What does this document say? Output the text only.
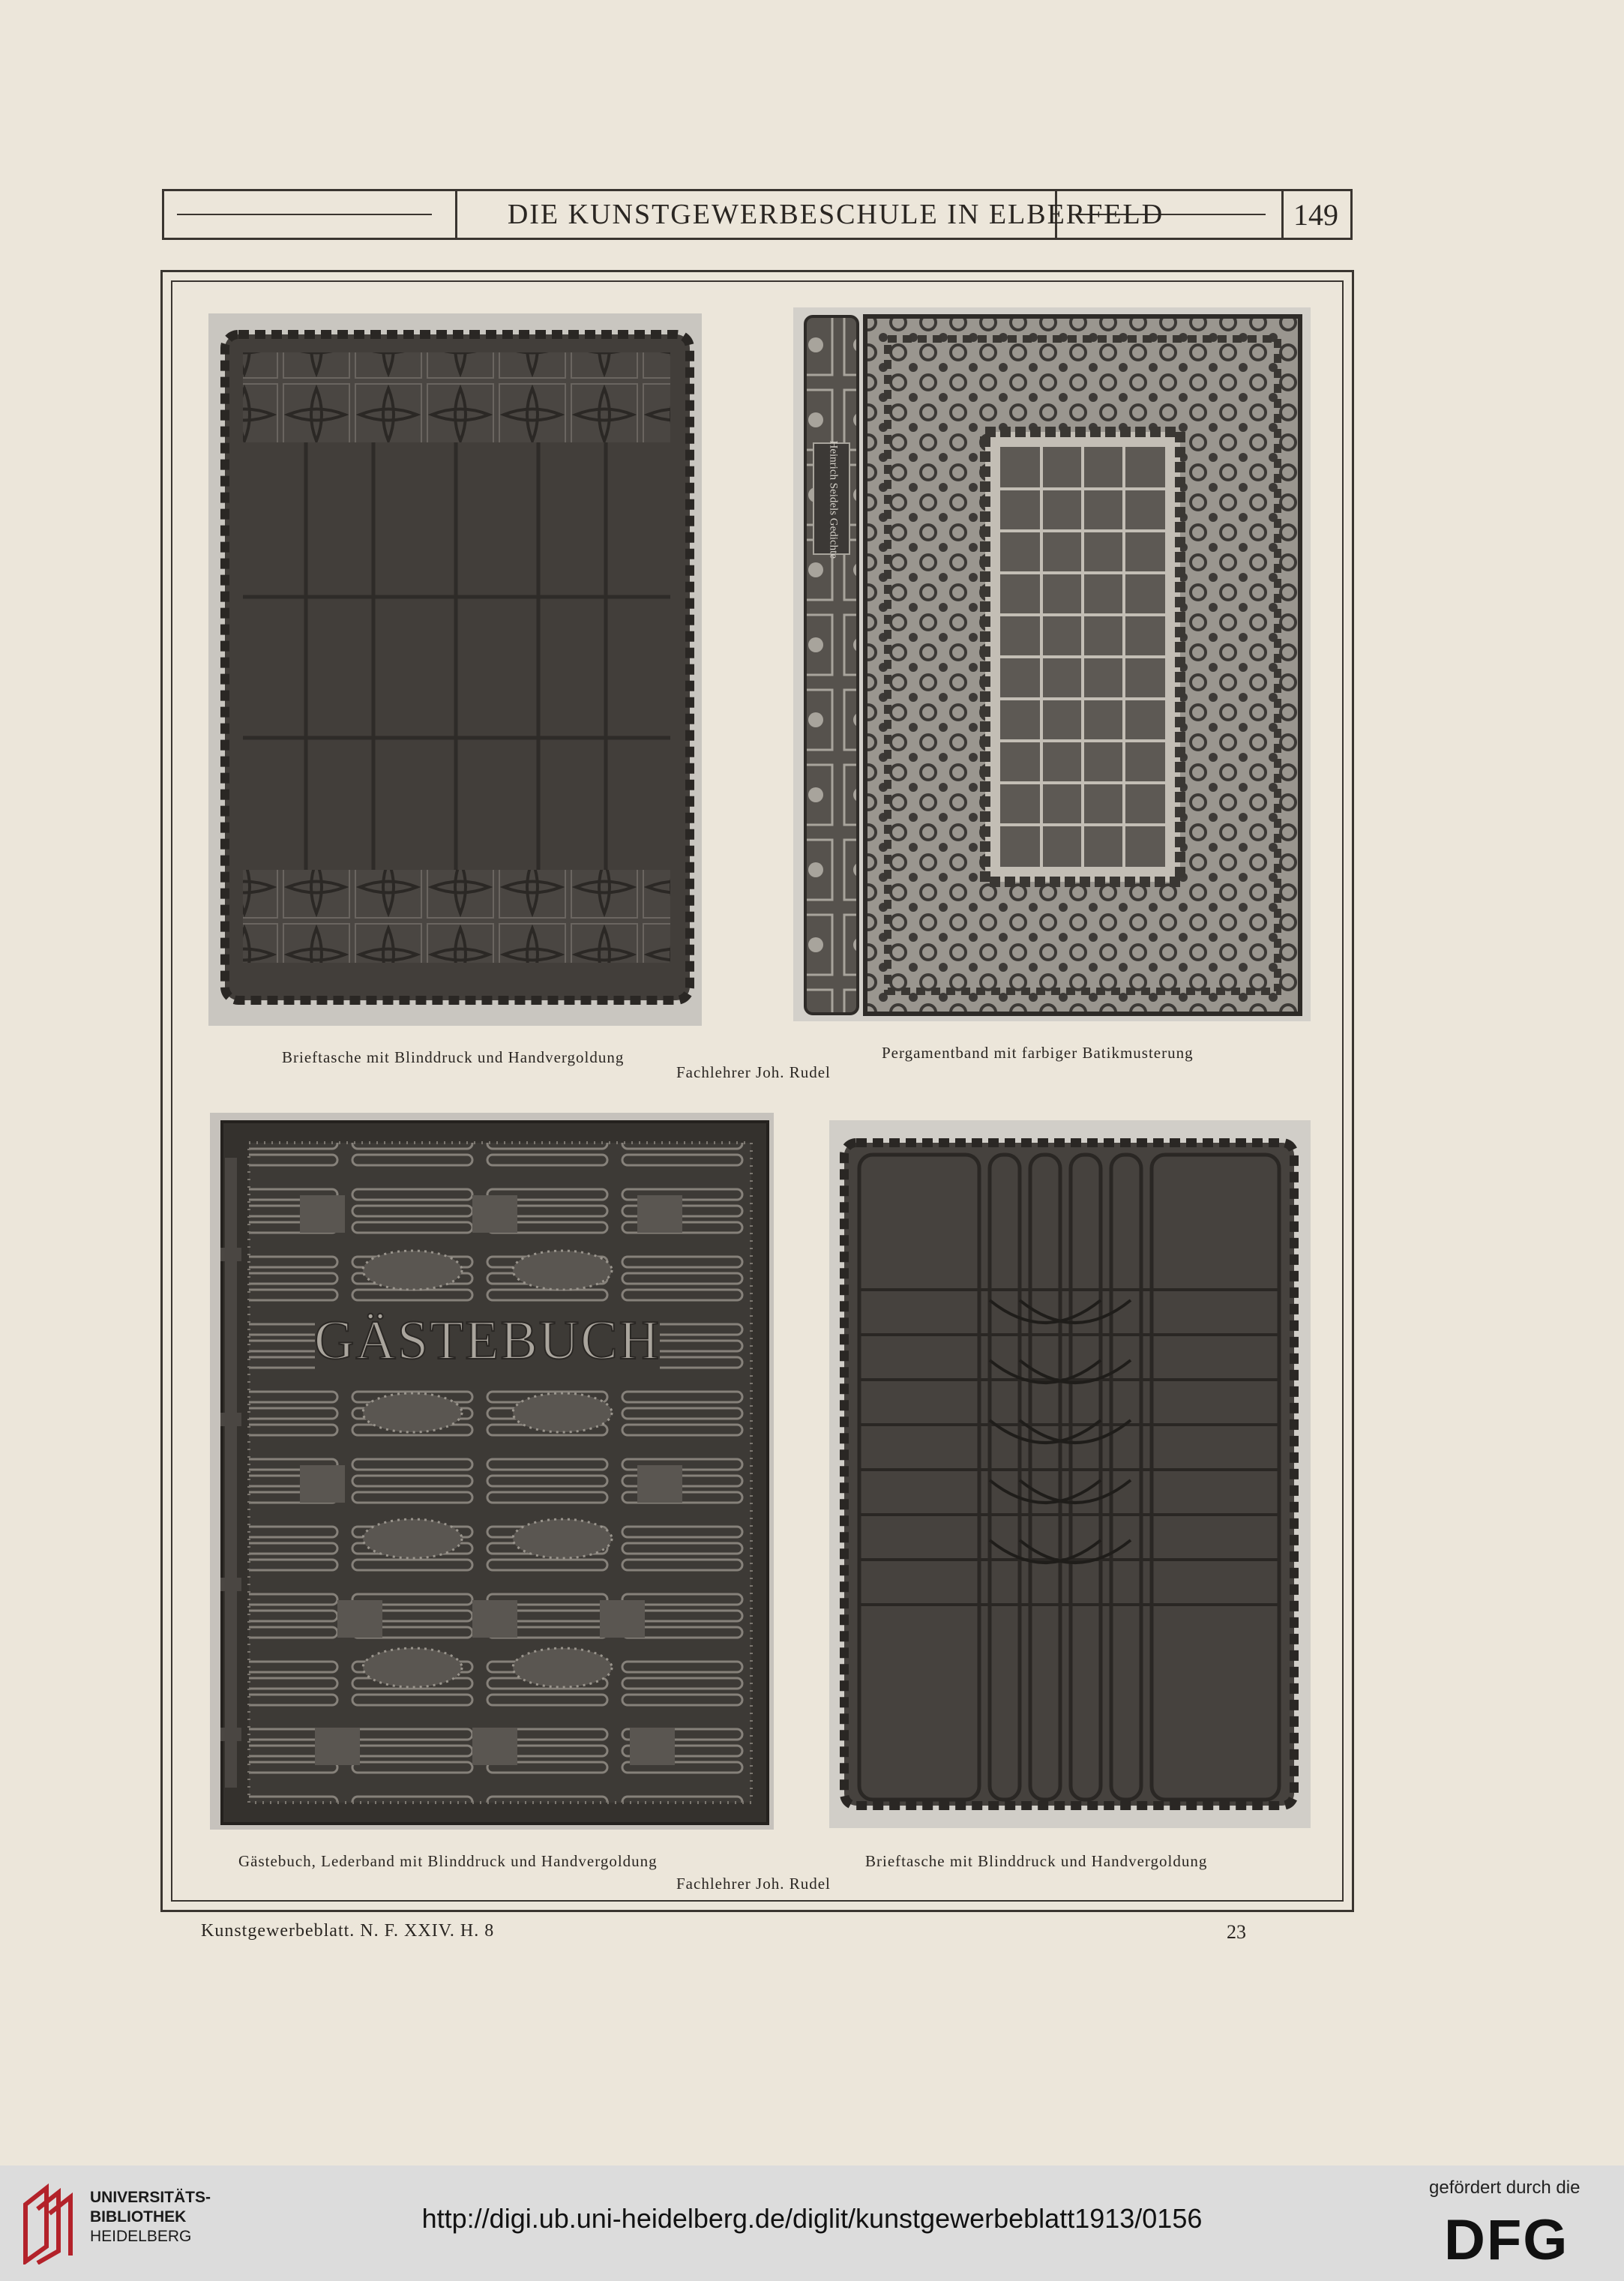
DIE KUNSTGEWERBESCHULE IN ELBERFELD	149
Heinrich Seidels Gedichte
Brieftasche mit Blinddruck und Handvergoldung	Pergamentband mit farbiger Batikmusterung
Fachlehrer Joh. Rudel
GÄSTEBUCH
Gästebuch, Lederband mit Blinddruck und Handvergoldung	Brieftasche mit Blinddruck und Handvergoldung
Fachlehrer Joh. Rudel
Kunstgewerbeblatt. N. F. XXIV. H. 8	23
UNIVERSITÄTS-
BIBLIOTHEK
HEIDELBERG
http://digi.ub.uni-heidelberg.de/diglit/kunstgewerbeblatt1913/0156
gefördert durch die
DFG
